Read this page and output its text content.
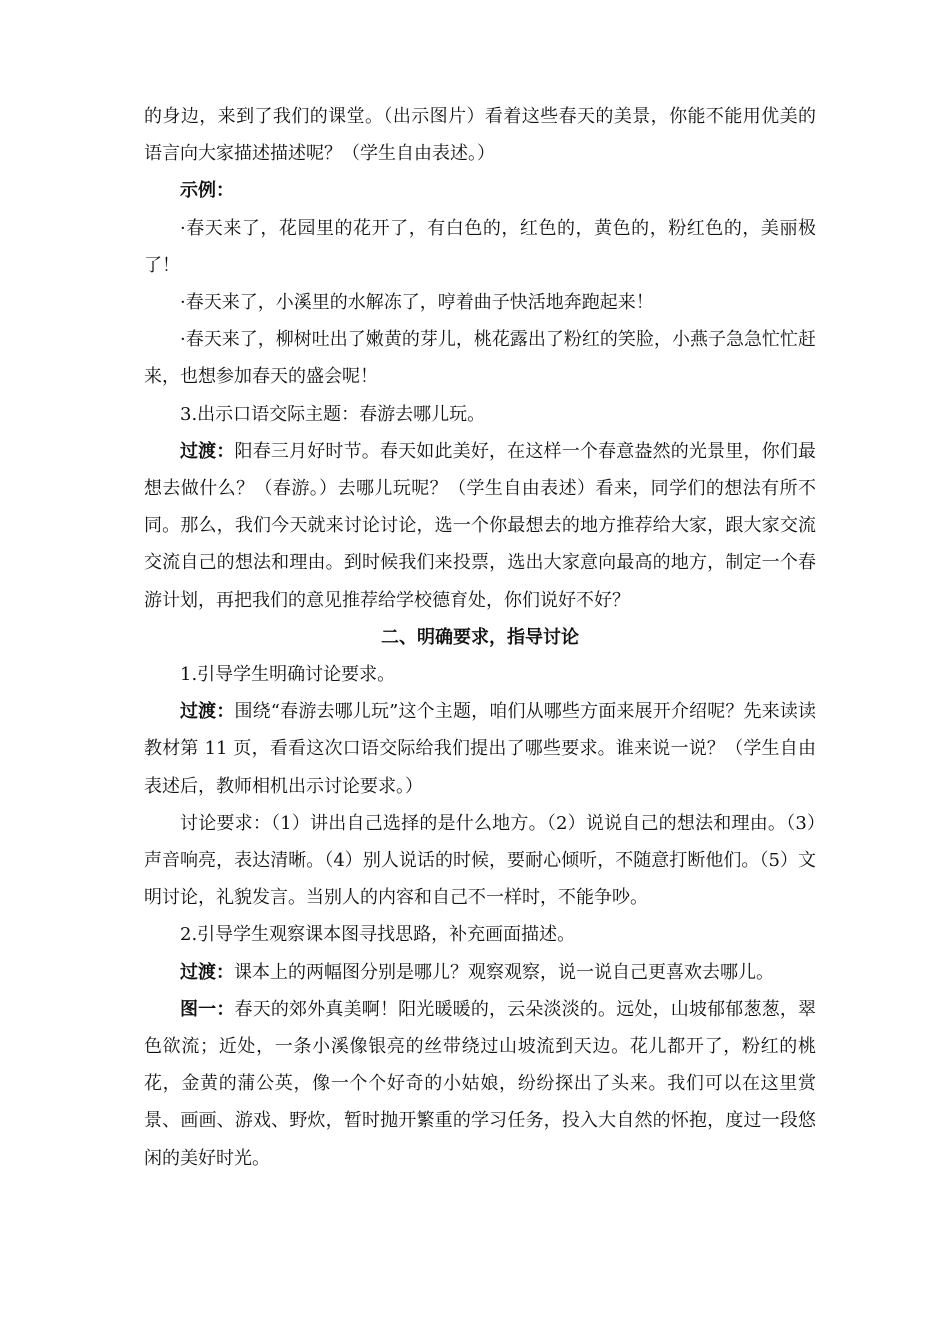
的身边，来到了我们的课堂。（出示图片）看着这些春天的美景，你能不能用优美的语言向大家描述描述呢？（学生自由表述。）

示例：

·春天来了，花园里的花开了，有白色的，红色的，黄色的，粉红色的，美丽极了！

·春天来了，小溪里的水解冻了，哼着曲子快活地奔跑起来！

·春天来了，柳树吐出了嫩黄的芽儿，桃花露出了粉红的笑脸，小燕子急急忙忙赶来，也想参加春天的盛会呢！

3.出示口语交际主题：春游去哪儿玩。

过渡：阳春三月好时节。春天如此美好，在这样一个春意盎然的光景里，你们最想去做什么？（春游。）去哪儿玩呢？（学生自由表述）看来，同学们的想法有所不同。那么，我们今天就来讨论讨论，选一个你最想去的地方推荐给大家，跟大家交流交流自己的想法和理由。到时候我们来投票，选出大家意向最高的地方，制定一个春游计划，再把我们的意见推荐给学校德育处，你们说好不好？

二、明确要求，指导讨论

1.引导学生明确讨论要求。

过渡：围绕“春游去哪儿玩”这个主题，咱们从哪些方面来展开介绍呢？先来读读教材第 11 页，看看这次口语交际给我们提出了哪些要求。谁来说一说？（学生自由表述后，教师相机出示讨论要求。）

讨论要求：（1）讲出自己选择的是什么地方。（2）说说自己的想法和理由。（3）声音响亮，表达清晰。（4）别人说话的时候，要耐心倾听，不随意打断他们。（5）文明讨论，礼貌发言。当别人的内容和自己不一样时，不能争吵。

2.引导学生观察课本图寻找思路，补充画面描述。

过渡：课本上的两幅图分别是哪儿？观察观察，说一说自己更喜欢去哪儿。

图一：春天的郊外真美啊！阳光暖暖的，云朵淡淡的。远处，山坡郁郁葱葱，翠色欲流；近处，一条小溪像银亮的丝带绕过山坡流到天边。花儿都开了，粉红的桃花，金黄的蒲公英，像一个个好奇的小姑娘，纷纷探出了头来。我们可以在这里赏景、画画、游戏、野炊，暂时抛开繁重的学习任务，投入大自然的怀抱，度过一段悠闲的美好时光。
